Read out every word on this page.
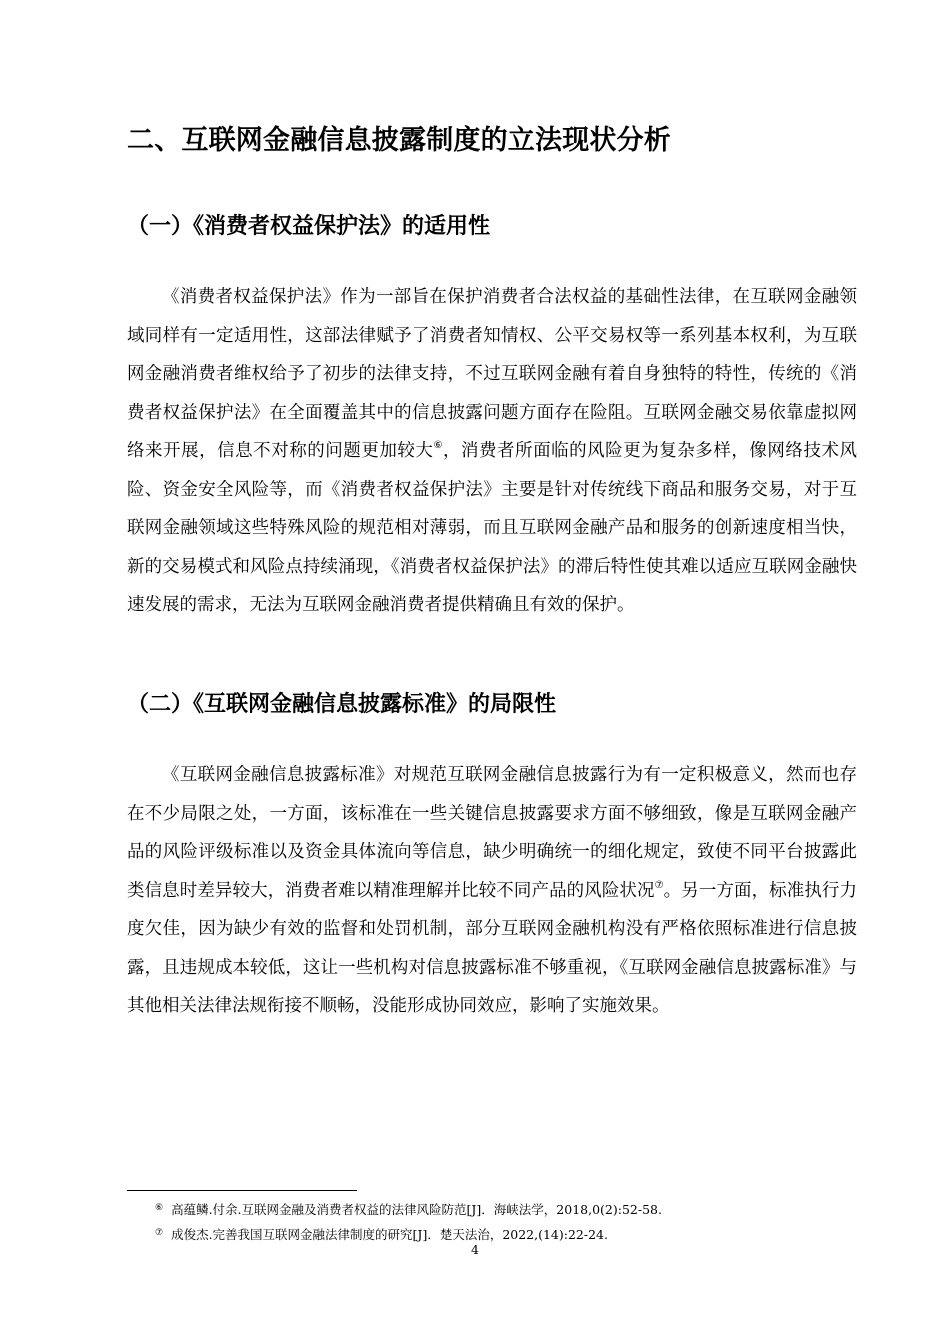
二、互联网金融信息披露制度的立法现状分析
（一）《消费者权益保护法》的适用性

《消费者权益保护法》作为一部旨在保护消费者合法权益的基础性法律，在互联网金融领域同样有一定适用性，这部法律赋予了消费者知情权、公平交易权等一系列基本权利，为互联网金融消费者维权给予了初步的法律支持，不过互联网金融有着自身独特的特性，传统的《消费者权益保护法》在全面覆盖其中的信息披露问题方面存在险阻。互联网金融交易依靠虚拟网络来开展，信息不对称的问题更加较大⑥，消费者所面临的风险更为复杂多样，像网络技术风险、资金安全风险等，而《消费者权益保护法》主要是针对传统线下商品和服务交易，对于互联网金融领域这些特殊风险的规范相对薄弱，而且互联网金融产品和服务的创新速度相当快，新的交易模式和风险点持续涌现，《消费者权益保护法》的滞后特性使其难以适应互联网金融快速发展的需求，无法为互联网金融消费者提供精确且有效的保护。

（二）《互联网金融信息披露标准》的局限性

《互联网金融信息披露标准》对规范互联网金融信息披露行为有一定积极意义，然而也存在不少局限之处，一方面，该标准在一些关键信息披露要求方面不够细致，像是互联网金融产品的风险评级标准以及资金具体流向等信息，缺少明确统一的细化规定，致使不同平台披露此类信息时差异较大，消费者难以精准理解并比较不同产品的风险状况⑦。另一方面，标准执行力度欠佳，因为缺少有效的监督和处罚机制，部分互联网金融机构没有严格依照标准进行信息披露，且违规成本较低，这让一些机构对信息披露标准不够重视，《互联网金融信息披露标准》与其他相关法律法规衔接不顺畅，没能形成协同效应，影响了实施效果。

⑥ 高蕴鳞.付余.互联网金融及消费者权益的法律风险防范[J]．海峡法学，2018,0(2):52-58.

⑦ 成俊杰.完善我国互联网金融法律制度的研究[J]．楚天法治，2022,(14):22-24.

4
